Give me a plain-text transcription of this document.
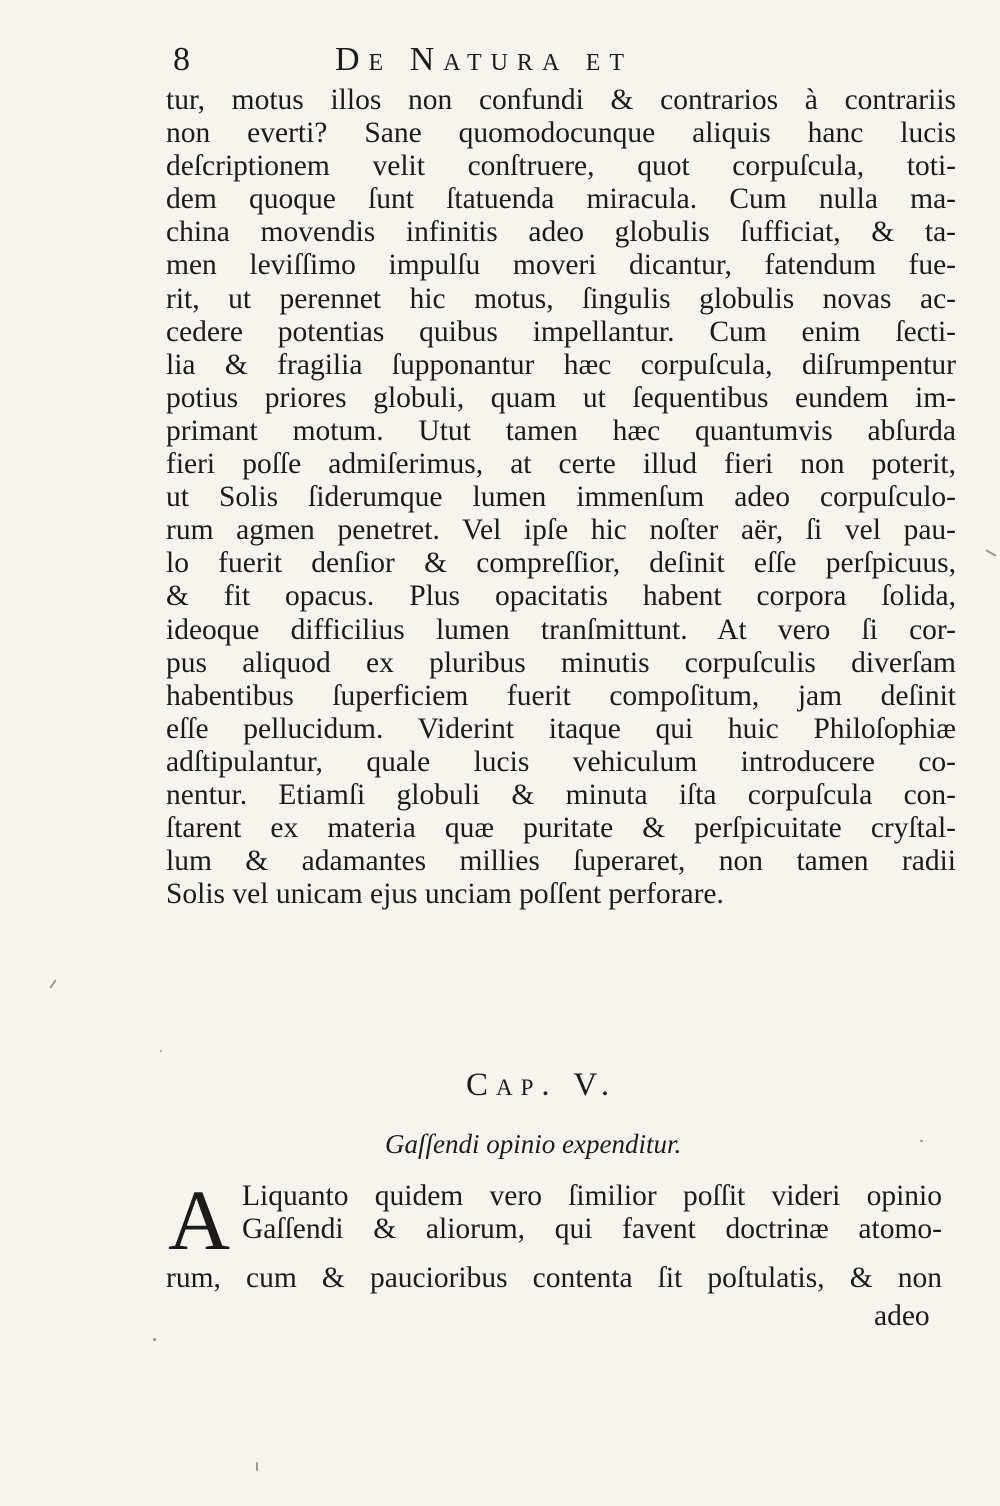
8	De Natura et
tur, motus illos non confundi & contrarios à contrariis
non everti? Sane quomodocunque aliquis hanc lucis
deſcriptionem velit conſtruere, quot corpuſcula, toti-
dem quoque ſunt ſtatuenda miracula. Cum nulla ma-
china movendis infinitis adeo globulis ſufficiat, & ta-
men leviſſimo impulſu moveri dicantur, fatendum fue-
rit, ut perennet hic motus, ſingulis globulis novas ac-
cedere potentias quibus impellantur. Cum enim ſecti-
lia & fragilia ſupponantur hæc corpuſcula, diſrumpentur
potius priores globuli, quam ut ſequentibus eundem im-
primant motum. Utut tamen hæc quantumvis abſurda
fieri poſſe admiſerimus, at certe illud fieri non poterit,
ut Solis ſiderumque lumen immenſum adeo corpuſculo-
rum agmen penetret. Vel ipſe hic noſter aër, ſi vel pau-
lo fuerit denſior & compreſſior, deſinit eſſe perſpicuus,
& fit opacus. Plus opacitatis habent corpora ſolida,
ideoque difficilius lumen tranſmittunt. At vero ſi cor-
pus aliquod ex pluribus minutis corpuſculis diverſam
habentibus ſuperficiem fuerit compoſitum, jam deſinit
eſſe pellucidum. Viderint itaque qui huic Philoſophiæ
adſtipulantur, quale lucis vehiculum introducere co-
nentur. Etiamſi globuli & minuta iſta corpuſcula con-
ſtarent ex materia quæ puritate & perſpicuitate cryſtal-
lum & adamantes millies ſuperaret, non tamen radii
Solis vel unicam ejus unciam poſſent perforare.
Cap. V.
Gaſſendi opinio expenditur.
A Liquanto quidem vero ſimilior poſſit videri opinio
Gaſſendi & aliorum, qui favent doctrinæ atomo-
rum, cum & paucioribus contenta ſit poſtulatis, & non
adeo
